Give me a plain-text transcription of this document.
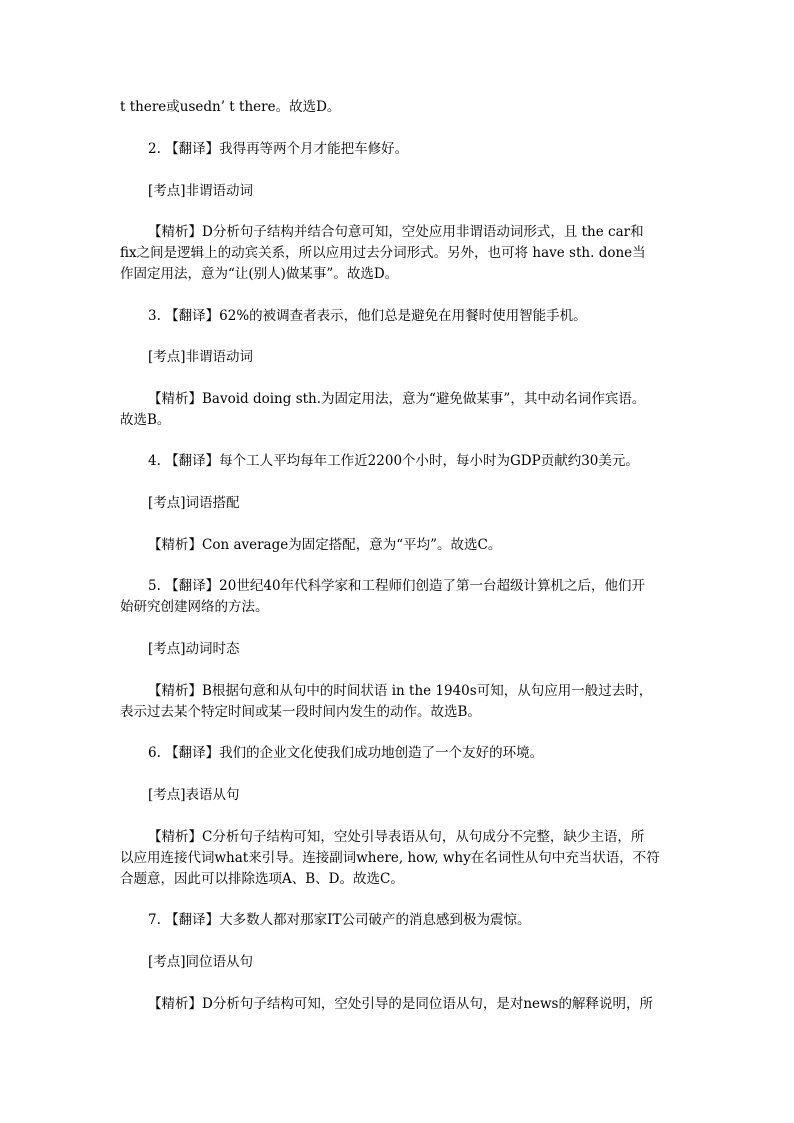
t there或usedn’ t there。故选D。
2. 【翻译】我得再等两个月才能把车修好。
[考点]非谓语动词
【精析】D分析句子结构并结合句意可知，空处应用非谓语动词形式，且 the car和
fix之间是逻辑上的动宾关系，所以应用过去分词形式。另外，也可将 have sth. done当
作固定用法，意为“让(别人)做某事”。故选D。
3. 【翻译】62%的被调查者表示，他们总是避免在用餐时使用智能手机。
[考点]非谓语动词
【精析】Bavoid doing sth.为固定用法，意为“避免做某事”，其中动名词作宾语。
故选B。
4. 【翻译】每个工人平均每年工作近2200个小时，每小时为GDP贡献约30美元。
[考点]词语搭配
【精析】Con average为固定搭配，意为“平均”。故选C。
5. 【翻译】20世纪40年代科学家和工程师们创造了第一台超级计算机之后，他们开
始研究创建网络的方法。
[考点]动词时态
【精析】B根据句意和从句中的时间状语 in the 1940s可知，从句应用一般过去时，
表示过去某个特定时间或某一段时间内发生的动作。故选B。
6. 【翻译】我们的企业文化使我们成功地创造了一个友好的环境。
[考点]表语从句
【精析】C分析句子结构可知，空处引导表语从句，从句成分不完整，缺少主语，所
以应用连接代词what来引导。连接副词where, how, why在名词性从句中充当状语，不符
合题意，因此可以排除选项A、B、D。故选C。
7. 【翻译】大多数人都对那家IT公司破产的消息感到极为震惊。
[考点]同位语从句
【精析】D分析句子结构可知，空处引导的是同位语从句，是对news的解释说明，所
